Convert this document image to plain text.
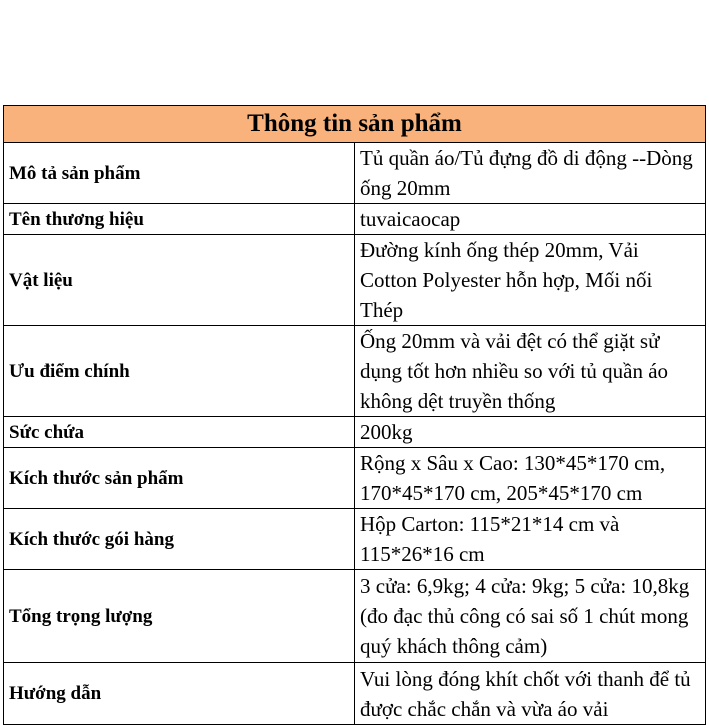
Thông tin sản phẩm	
Mô tả sản phẩm	Tủ quần áo/Tủ đựng đồ di động --Dòng ống 20mm
Tên thương hiệu	tuvaicaocap
Vật liệu	Đường kính ống thép 20mm, Vải Cotton Polyester hỗn hợp, Mối nối Thép
Ưu điểm chính	Ống 20mm và vải đệt có thể giặt sử dụng tốt hơn nhiều so với tủ quần áo không dệt truyền thống
Sức chứa	200kg
Kích thước sản phẩm	Rộng x Sâu x Cao: 130*45*170 cm, 170*45*170 cm, 205*45*170 cm
Kích thước gói hàng	Hộp Carton: 115*21*14 cm và 115*26*16 cm
Tổng trọng lượng	3 cửa: 6,9kg; 4 cửa: 9kg; 5 cửa: 10,8kg (đo đạc thủ công có sai số 1 chút mong quý khách thông cảm)
Hướng dẫn	Vui lòng đóng khít chốt với thanh để tủ được chắc chắn và vừa áo vải
